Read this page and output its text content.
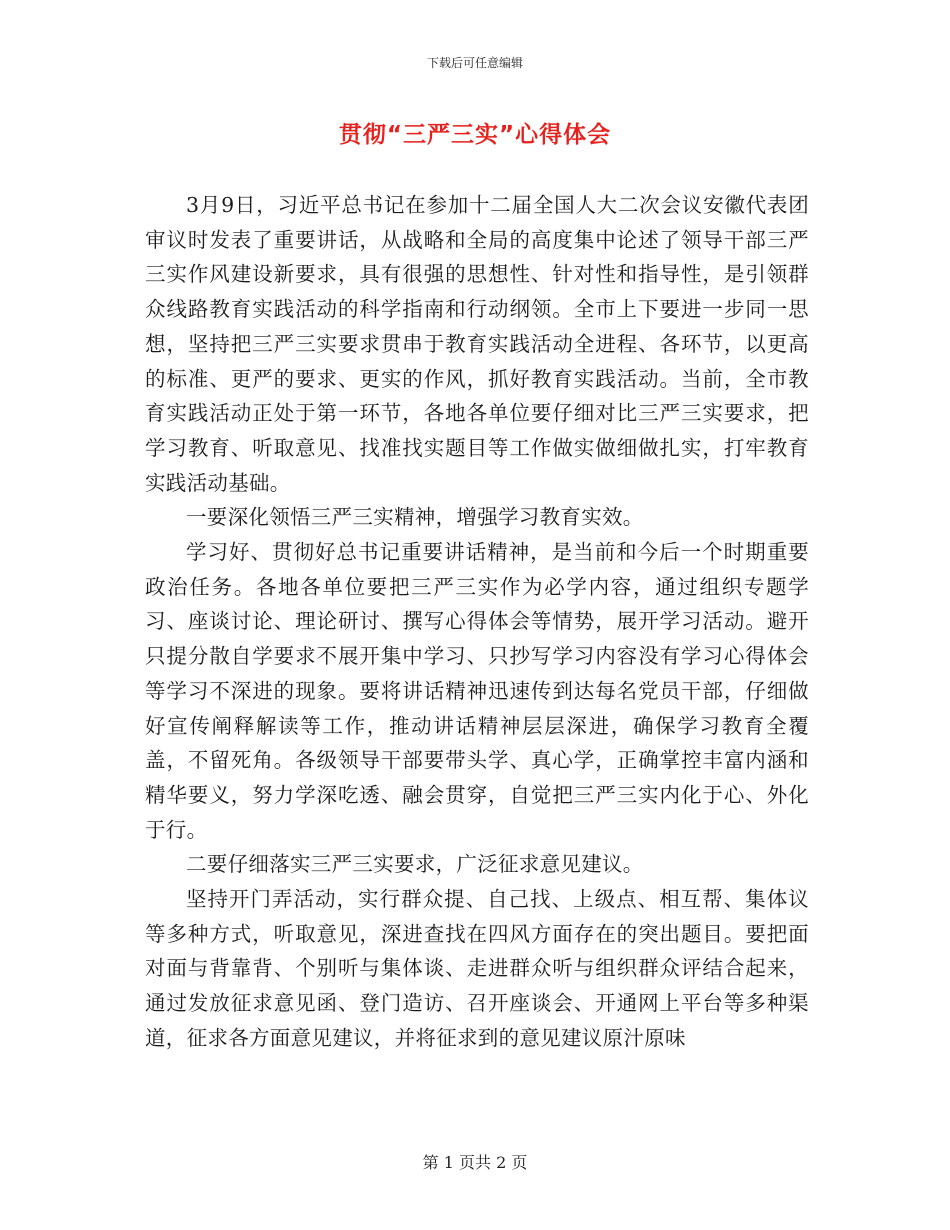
下载后可任意编辑
贯彻“三严三实”心得体会

3月9日，习近平总书记在参加十二届全国人大二次会议安徽代表团审议时发表了重要讲话，从战略和全局的高度集中论述了领导干部三严三实作风建设新要求，具有很强的思想性、针对性和指导性，是引领群众线路教育实践活动的科学指南和行动纲领。全市上下要进一步同一思想，坚持把三严三实要求贯串于教育实践活动全进程、各环节，以更高的标准、更严的要求、更实的作风，抓好教育实践活动。当前，全市教育实践活动正处于第一环节，各地各单位要仔细对比三严三实要求，把学习教育、听取意见、找准找实题目等工作做实做细做扎实，打牢教育实践活动基础。

一要深化领悟三严三实精神，增强学习教育实效。

学习好、贯彻好总书记重要讲话精神，是当前和今后一个时期重要政治任务。各地各单位要把三严三实作为必学内容，通过组织专题学习、座谈讨论、理论研讨、撰写心得体会等情势，展开学习活动。避开只提分散自学要求不展开集中学习、只抄写学习内容没有学习心得体会等学习不深进的现象。要将讲话精神迅速传到达每名党员干部，仔细做好宣传阐释解读等工作，推动讲话精神层层深进，确保学习教育全覆盖，不留死角。各级领导干部要带头学、真心学，正确掌控丰富内涵和精华要义，努力学深吃透、融会贯穿，自觉把三严三实内化于心、外化于行。

二要仔细落实三严三实要求，广泛征求意见建议。

坚持开门弄活动，实行群众提、自己找、上级点、相互帮、集体议等多种方式，听取意见，深进查找在四风方面存在的突出题目。要把面对面与背靠背、个别听与集体谈、走进群众听与组织群众评结合起来，通过发放征求意见函、登门造访、召开座谈会、开通网上平台等多种渠道，征求各方面意见建议，并将征求到的意见建议原汁原味

第 1 页共 2 页
